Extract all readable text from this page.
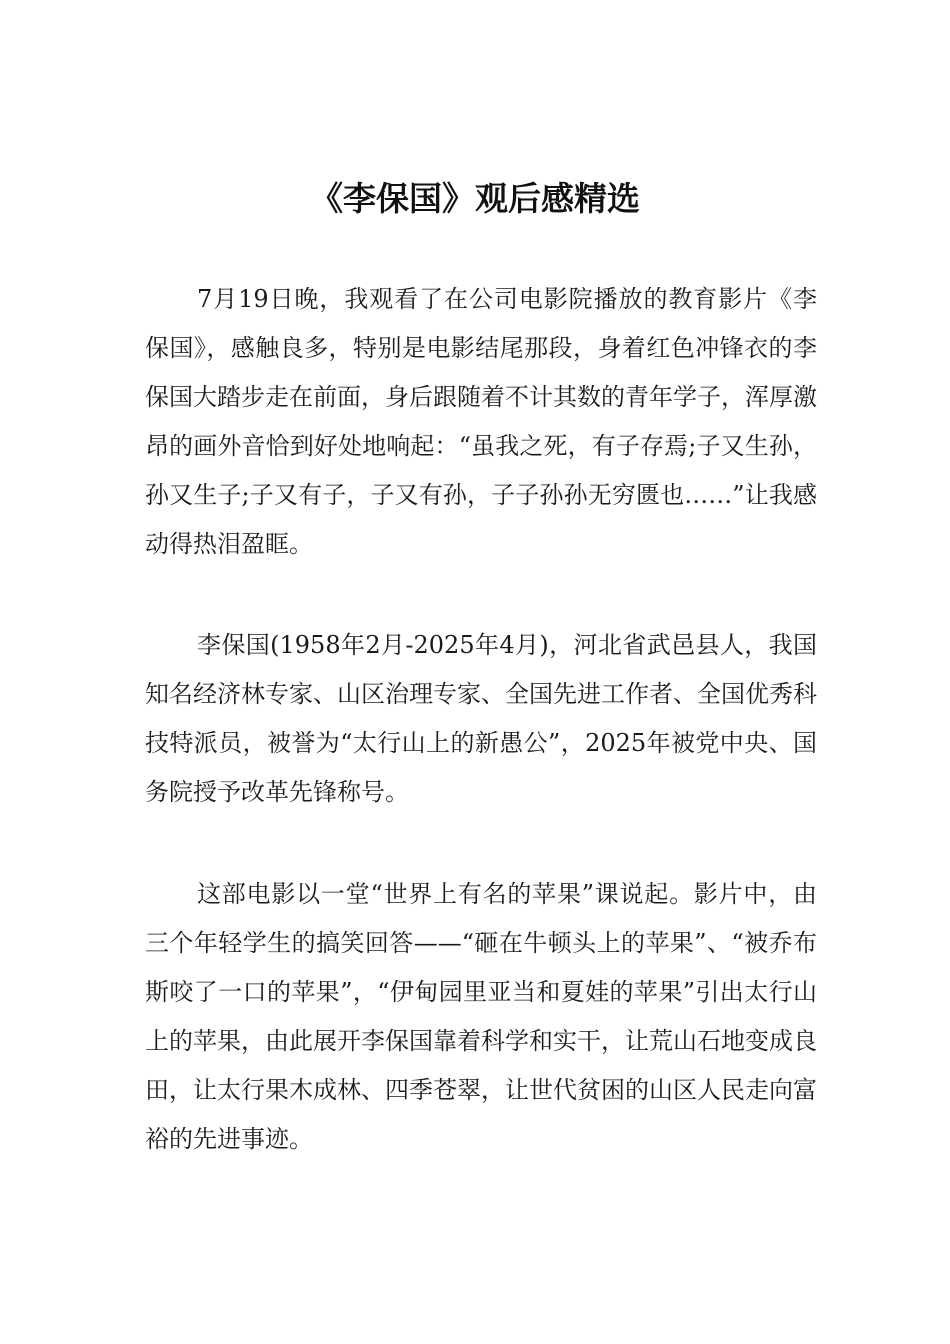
《李保国》观后感精选

7月19日晚，我观看了在公司电影院播放的教育影片《李保国》，感触良多，特别是电影结尾那段，身着红色冲锋衣的李保国大踏步走在前面，身后跟随着不计其数的青年学子，浑厚激昂的画外音恰到好处地响起：“虽我之死，有子存焉;子又生孙，孙又生子;子又有子，子又有孙，子子孙孙无穷匮也……”让我感动得热泪盈眶。

李保国(1958年2月-2025年4月)，河北省武邑县人，我国知名经济林专家、山区治理专家、全国先进工作者、全国优秀科技特派员，被誉为“太行山上的新愚公”，2025年被党中央、国务院授予改革先锋称号。

这部电影以一堂“世界上有名的苹果”课说起。影片中，由三个年轻学生的搞笑回答——“砸在牛顿头上的苹果”、“被乔布斯咬了一口的苹果”，“伊甸园里亚当和夏娃的苹果”引出太行山上的苹果，由此展开李保国靠着科学和实干，让荒山石地变成良田，让太行果木成林、四季苍翠，让世代贫困的山区人民走向富裕的先进事迹。
